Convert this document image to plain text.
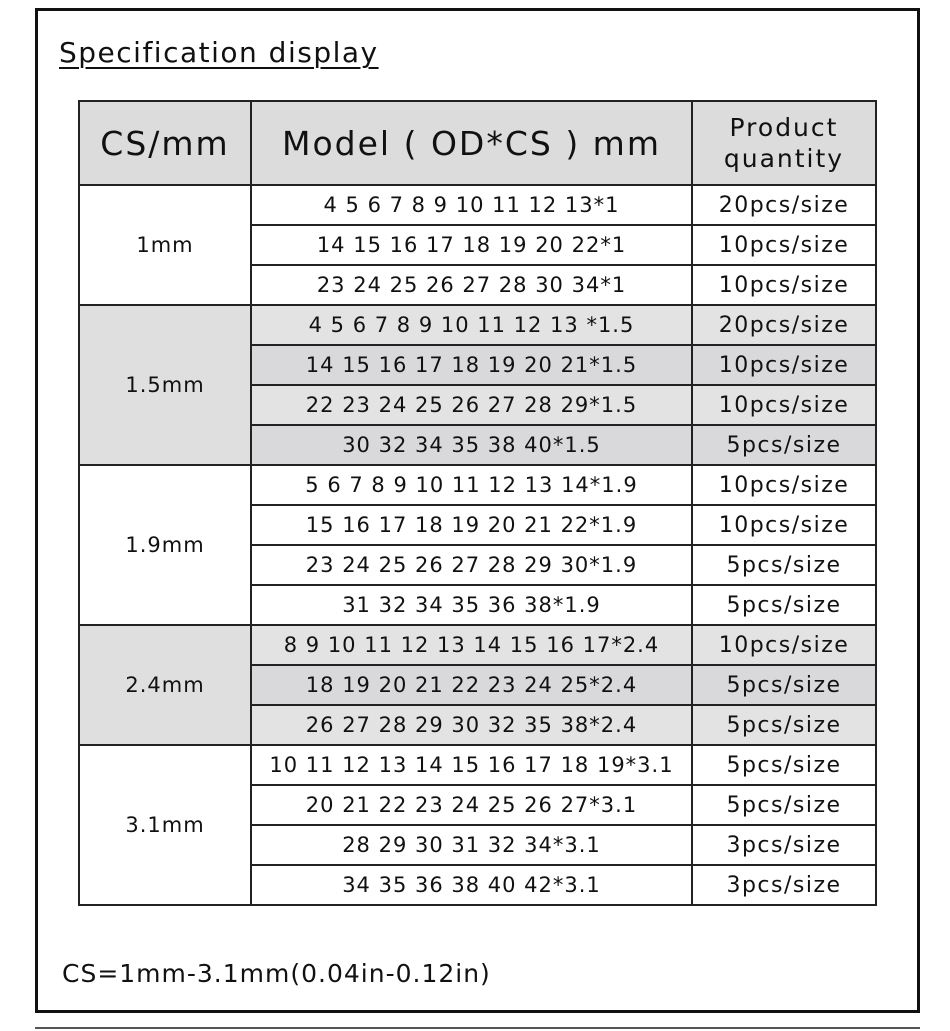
Specification display
CS/mm	Model ( OD*CS ) mm	Product
quantity
1mm	4 5 6 7 8 9 10 11 12 13*1	20pcs/size
	14 15 16 17 18 19 20 22*1	10pcs/size
	23 24 25 26 27 28 30 34*1	10pcs/size
1.5mm	4 5 6 7 8 9 10 11 12 13 *1.5	20pcs/size
	14 15 16 17 18 19 20 21*1.5	10pcs/size
	22 23 24 25 26 27 28 29*1.5	10pcs/size
	30 32 34 35 38 40*1.5	5pcs/size
1.9mm	5 6 7 8 9 10 11 12 13 14*1.9	10pcs/size
	15 16 17 18 19 20 21 22*1.9	10pcs/size
	23 24 25 26 27 28 29 30*1.9	5pcs/size
	31 32 34 35 36 38*1.9	5pcs/size
2.4mm	8 9 10 11 12 13 14 15 16 17*2.4	10pcs/size
	18 19 20 21 22 23 24 25*2.4	5pcs/size
	26 27 28 29 30 32 35 38*2.4	5pcs/size
3.1mm	10 11 12 13 14 15 16 17 18 19*3.1	5pcs/size
	20 21 22 23 24 25 26 27*3.1	5pcs/size
	28 29 30 31 32 34*3.1	3pcs/size
	34 35 36 38 40 42*3.1	3pcs/size
CS=1mm-3.1mm(0.04in-0.12in)
